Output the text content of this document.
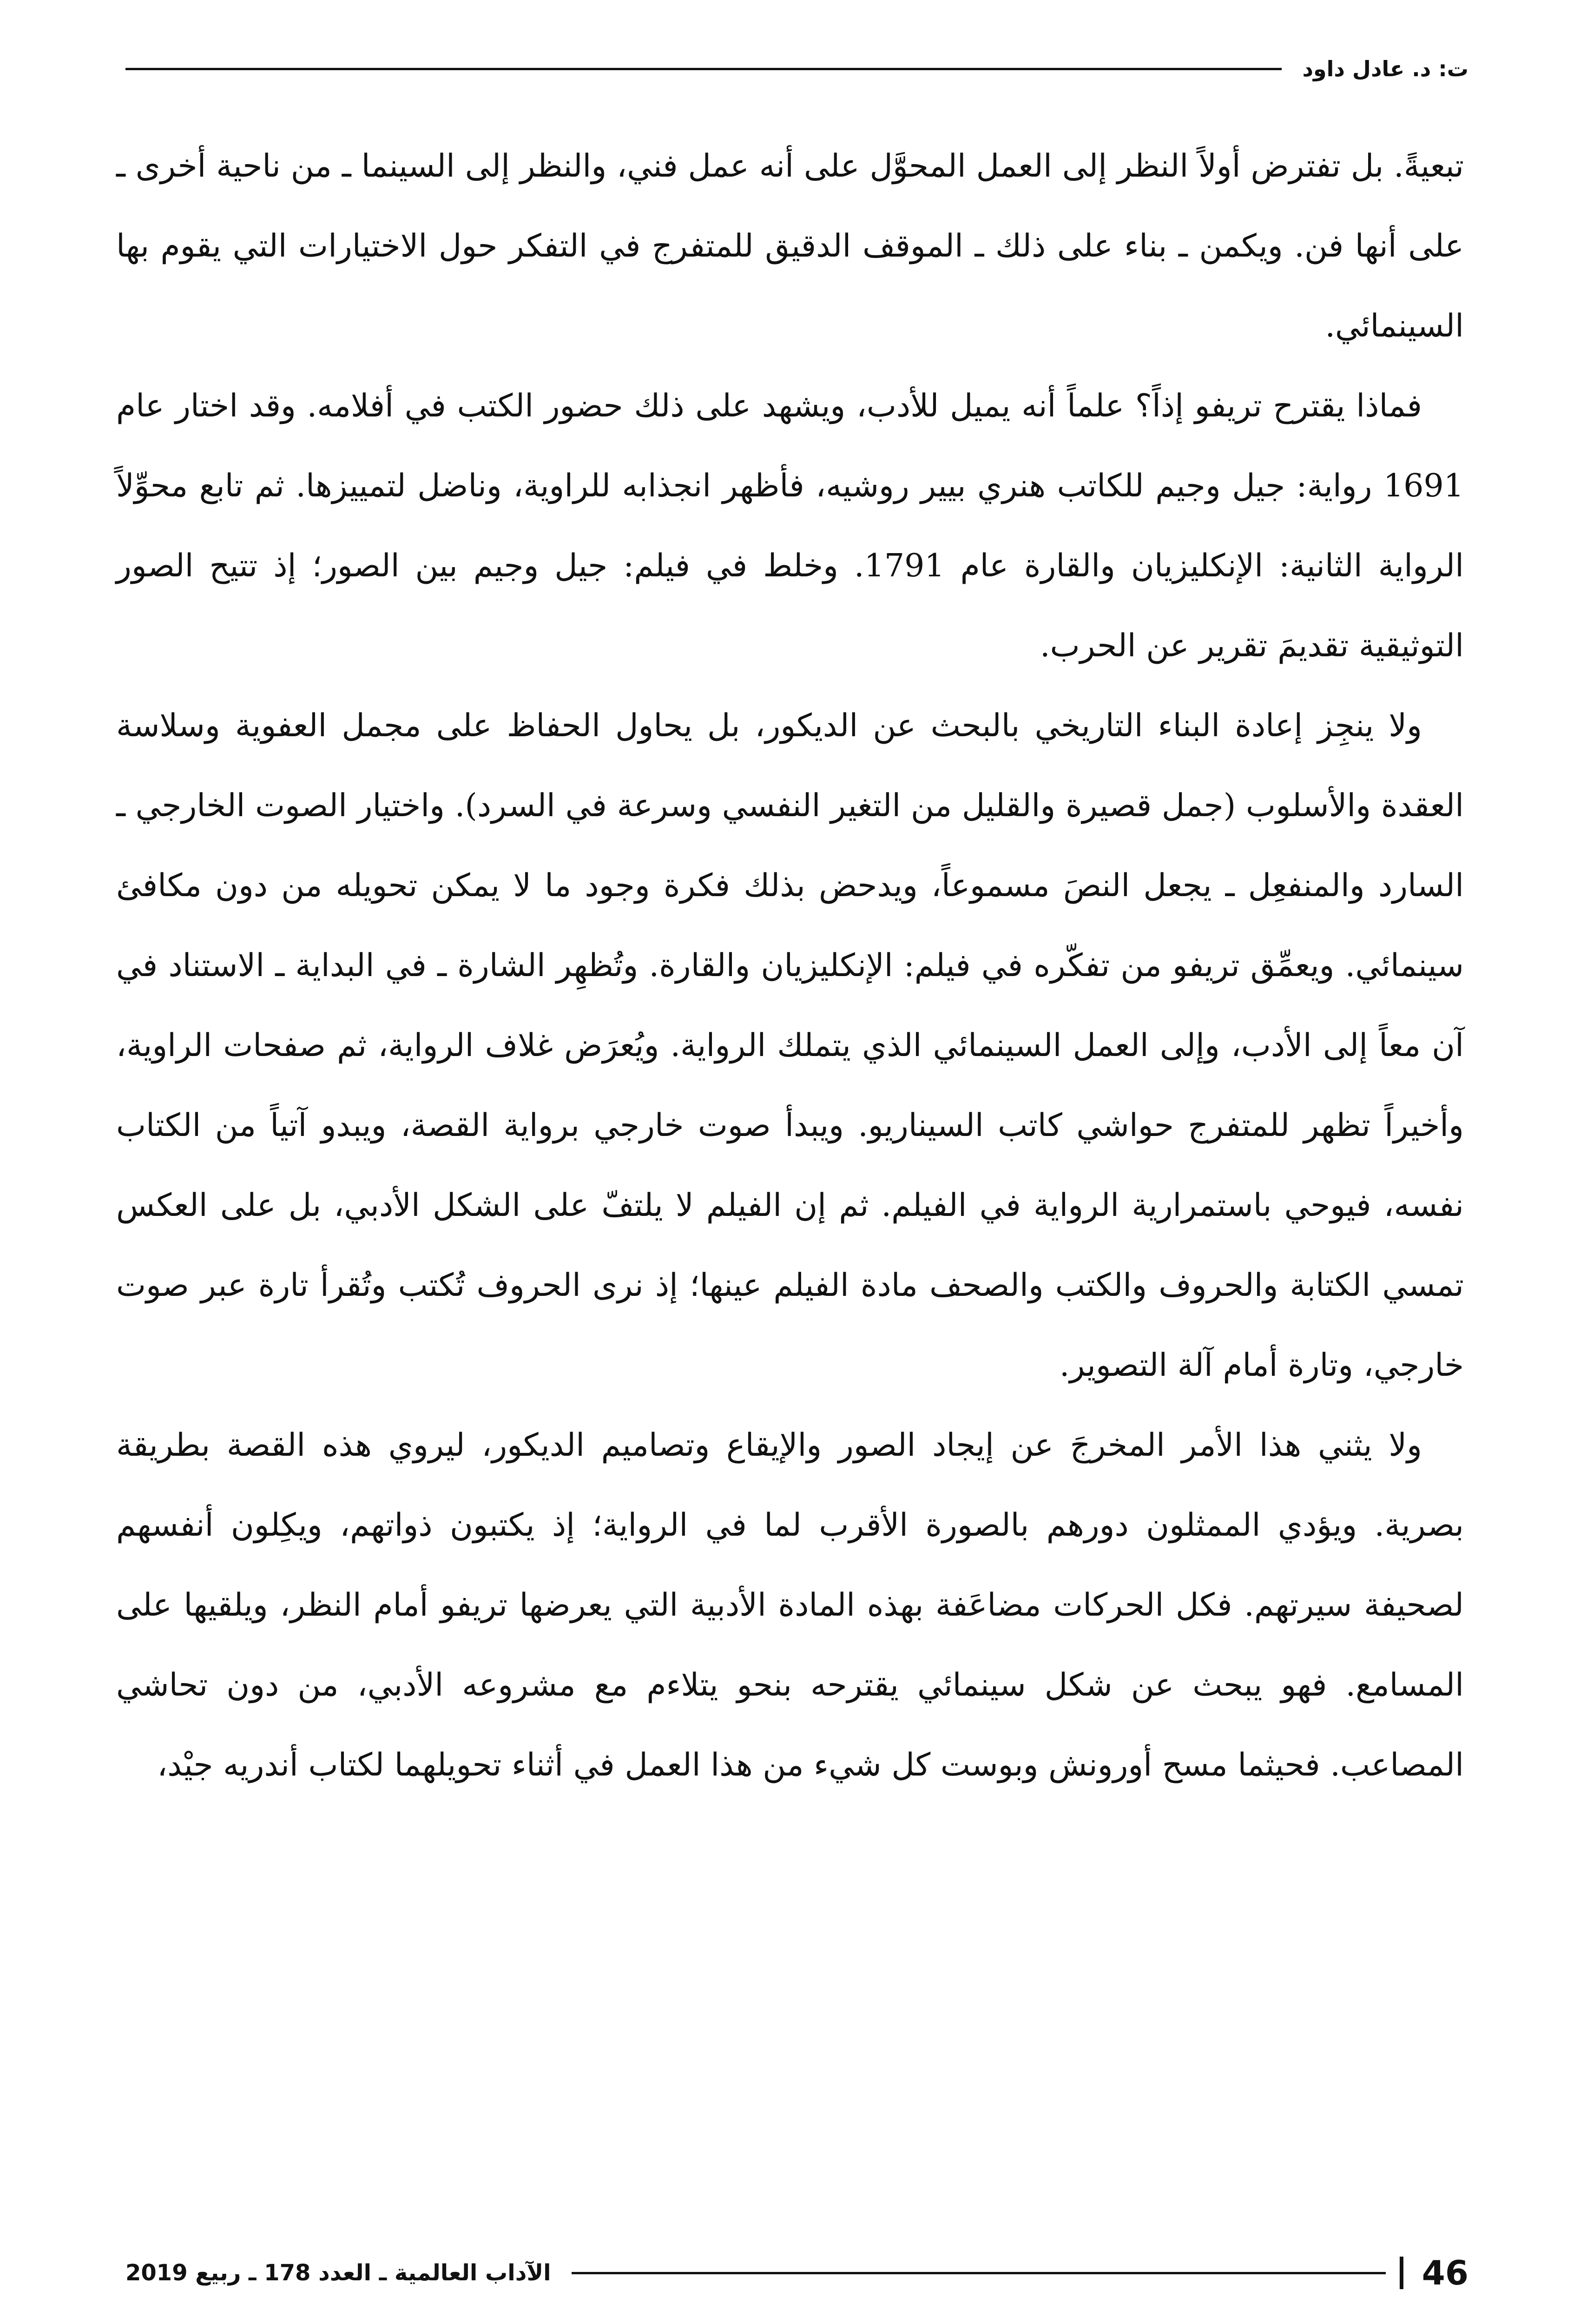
ت: د. عادل داود

تبعيةً. بل تفترض أولاً النظر إلى العمل المحوَّل على أنه عمل فني، والنظر إلى السينما ـ من ناحية أخرى ـ على أنها فن. ويكمن ـ بناء على ذلك ـ الموقف الدقيق للمتفرج في التفكر حول الاختيارات التي يقوم بها السينمائي.

فماذا يقترح تريفو إذاً؟ علماً أنه يميل للأدب، ويشهد على ذلك حضور الكتب في أفلامه. وقد اختار عام 1691 رواية: جيل وجيم للكاتب هنري بيير روشيه، فأظهر انجذابه للراوية، وناضل لتمييزها. ثم تابع محوِّلاً الرواية الثانية: الإنكليزيان والقارة عام 1791. وخلط في فيلم: جيل وجيم بين الصور؛ إذ تتيح الصور التوثيقية تقديمَ تقرير عن الحرب.

ولا ينجِز إعادة البناء التاريخي بالبحث عن الديكور، بل يحاول الحفاظ على مجمل العفوية وسلاسة العقدة والأسلوب (جمل قصيرة والقليل من التغير النفسي وسرعة في السرد). واختيار الصوت الخارجي ـ السارد والمنفعِل ـ يجعل النصَ مسموعاً، ويدحض بذلك فكرة وجود ما لا يمكن تحويله من دون مكافئ سينمائي. ويعمِّق تريفو من تفكّره في فيلم: الإنكليزيان والقارة. وتُظهِر الشارة ـ في البداية ـ الاستناد في آن معاً إلى الأدب، وإلى العمل السينمائي الذي يتملك الرواية. ويُعرَض غلاف الرواية، ثم صفحات الراوية، وأخيراً تظهر للمتفرج حواشي كاتب السيناريو. ويبدأ صوت خارجي برواية القصة، ويبدو آتياً من الكتاب نفسه، فيوحي باستمرارية الرواية في الفيلم. ثم إن الفيلم لا يلتفّ على الشكل الأدبي، بل على العكس تمسي الكتابة والحروف والكتب والصحف مادة الفيلم عينها؛ إذ نرى الحروف تُكتب وتُقرأ تارة عبر صوت خارجي، وتارة أمام آلة التصوير.

ولا يثني هذا الأمر المخرجَ عن إيجاد الصور والإيقاع وتصاميم الديكور، ليروي هذه القصة بطريقة بصرية. ويؤدي الممثلون دورهم بالصورة الأقرب لما في الرواية؛ إذ يكتبون ذواتهم، ويكِلون أنفسهم لصحيفة سيرتهم. فكل الحركات مضاعَفة بهذه المادة الأدبية التي يعرضها تريفو أمام النظر، ويلقيها على المسامع. فهو يبحث عن شكل سينمائي يقترحه بنحو يتلاءم مع مشروعه الأدبي، من دون تحاشي المصاعب. فحيثما مسح أورونش وبوست كل شيء من هذا العمل في أثناء تحويلهما لكتاب أندريه جيْد،

46
الآداب العالمية ـ العدد 178 ـ ربيع 2019
